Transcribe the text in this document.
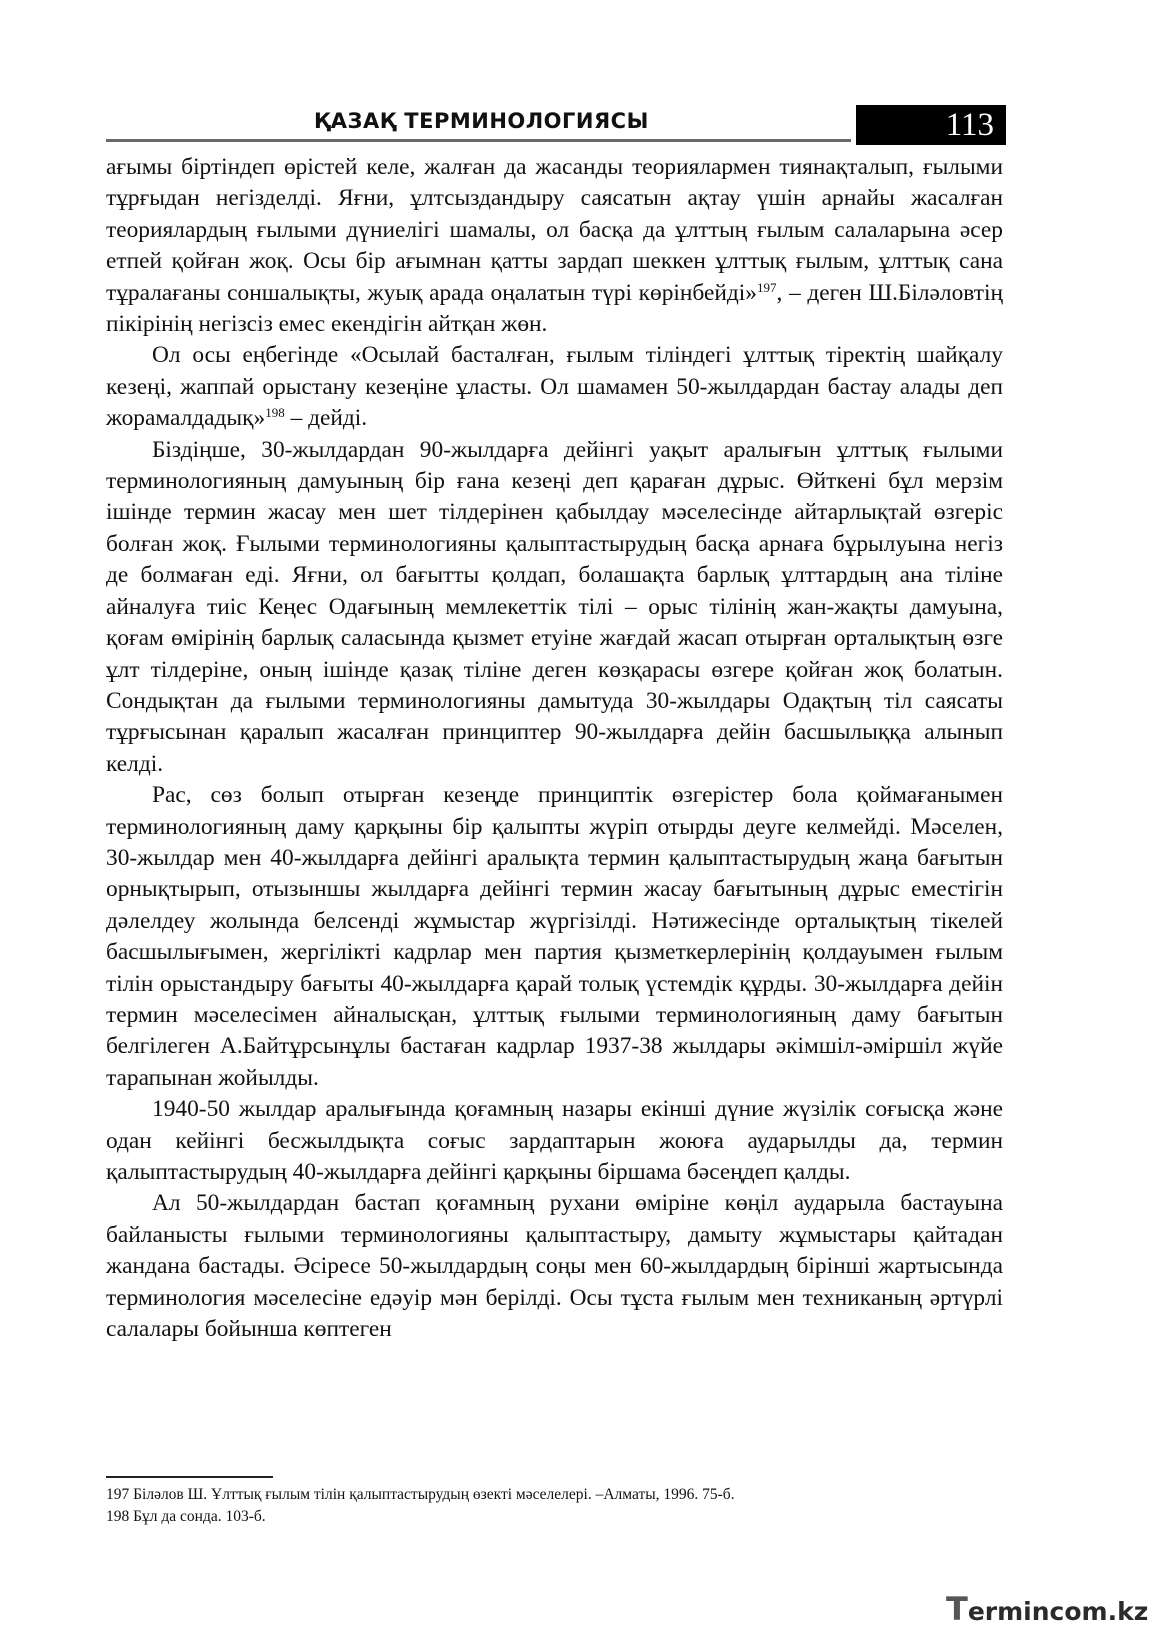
ҚАЗАҚ ТЕРМИНОЛОГИЯСЫ	113

ағымы біртіндеп өрістей келе, жалған да жасанды теориялармен тиянақталып, ғылыми тұрғыдан негізделді. Яғни, ұлтсыздандыру саясатын ақтау үшін арнайы жасалған теориялардың ғылыми дүниелігі шамалы, ол басқа да ұлттың ғылым салаларына әсер етпей қойған жоқ. Осы бір ағымнан қатты зардап шеккен ұлттық ғылым, ұлттық сана тұралағаны соншалықты, жуық арада оңалатын түрі көрінбейді»$^{197}$, – деген Ш.Біләловтің пікірінің негізсіз емес екендігін айтқан жөн.

Ол осы еңбегінде «Осылай басталған, ғылым тіліндегі ұлттық тіректің шайқалу кезеңі, жаппай орыстану кезеңіне ұласты. Ол шамамен 50-жылдардан бастау алады деп жорамалдадық»$^{198}$ – дейді.

Біздіңше, 30-жылдардан 90-жылдарға дейінгі уақыт аралығын ұлттық ғылыми терминологияның дамуының бір ғана кезеңі деп қараған дұрыс. Өйткені бұл мерзім ішінде термин жасау мен шет тілдерінен қабылдау мәселесінде айтарлықтай өзгеріс болған жоқ. Ғылыми терминологияны қалыптастырудың басқа арнаға бұрылуына негіз де болмаған еді. Яғни, ол бағытты қолдап, болашақта барлық ұлттардың ана тіліне айналуға тиіс Кеңес Одағының мемлекеттік тілі – орыс тілінің жан-жақты дамуына, қоғам өмірінің барлық саласында қызмет етуіне жағдай жасап отырған орталықтың өзге ұлт тілдеріне, оның ішінде қазақ тіліне деген көзқарасы өзгере қойған жоқ болатын. Сондықтан да ғылыми терминологияны дамытуда 30-жылдары Одақтың тіл саясаты тұрғысынан қаралып жасалған принциптер 90-жылдарға дейін басшылыққа алынып келді.

Рас, сөз болып отырған кезеңде принциптік өзгерістер бола қоймағанымен терминологияның даму қарқыны бір қалыпты жүріп отырды деуге келмейді. Мәселен, 30-жылдар мен 40-жылдарға дейінгі аралықта термин қалыптастырудың жаңа бағытын орнықтырып, отызыншы жылдарға дейінгі термин жасау бағытының дұрыс еместігін дәлелдеу жолында белсенді жұмыстар жүргізілді. Нәтижесінде орталықтың тікелей басшылығымен, жергілікті кадрлар мен партия қызметкерлерінің қолдауымен ғылым тілін орыстандыру бағыты 40-жылдарға қарай толық үстемдік құрды. 30-жылдарға дейін термин мәселесімен айналысқан, ұлттық ғылыми терминологияның даму бағытын белгілеген А.Байтұрсынұлы бастаған кадрлар 1937-38 жылдары әкімшіл-әміршіл жүйе тарапынан жойылды.

1940-50 жылдар аралығында қоғамның назары екінші дүние жүзілік соғысқа және одан кейінгі бесжылдықта соғыс зардаптарын жоюға аударылды да, термин қалыптастырудың 40-жылдарға дейінгі қарқыны біршама бәсеңдеп қалды.

Ал 50-жылдардан бастап қоғамның рухани өміріне көңіл аударыла бастауына байланысты ғылыми терминологияны қалыптастыру, дамыту жұмыстары қайтадан жандана бастады. Әсіресе 50-жылдардың соңы мен 60-жылдардың бірінші жартысында терминология мәселесіне едәуір мән берілді. Осы тұста ғылым мен техниканың әртүрлі салалары бойынша көптеген

197 Біләлов Ш. Ұлттық ғылым тілін қалыптастырудың өзекті мәселелері. –Алматы, 1996. 75-б.
198 Бұл да сонда. 103-б.
Termincom.kz
